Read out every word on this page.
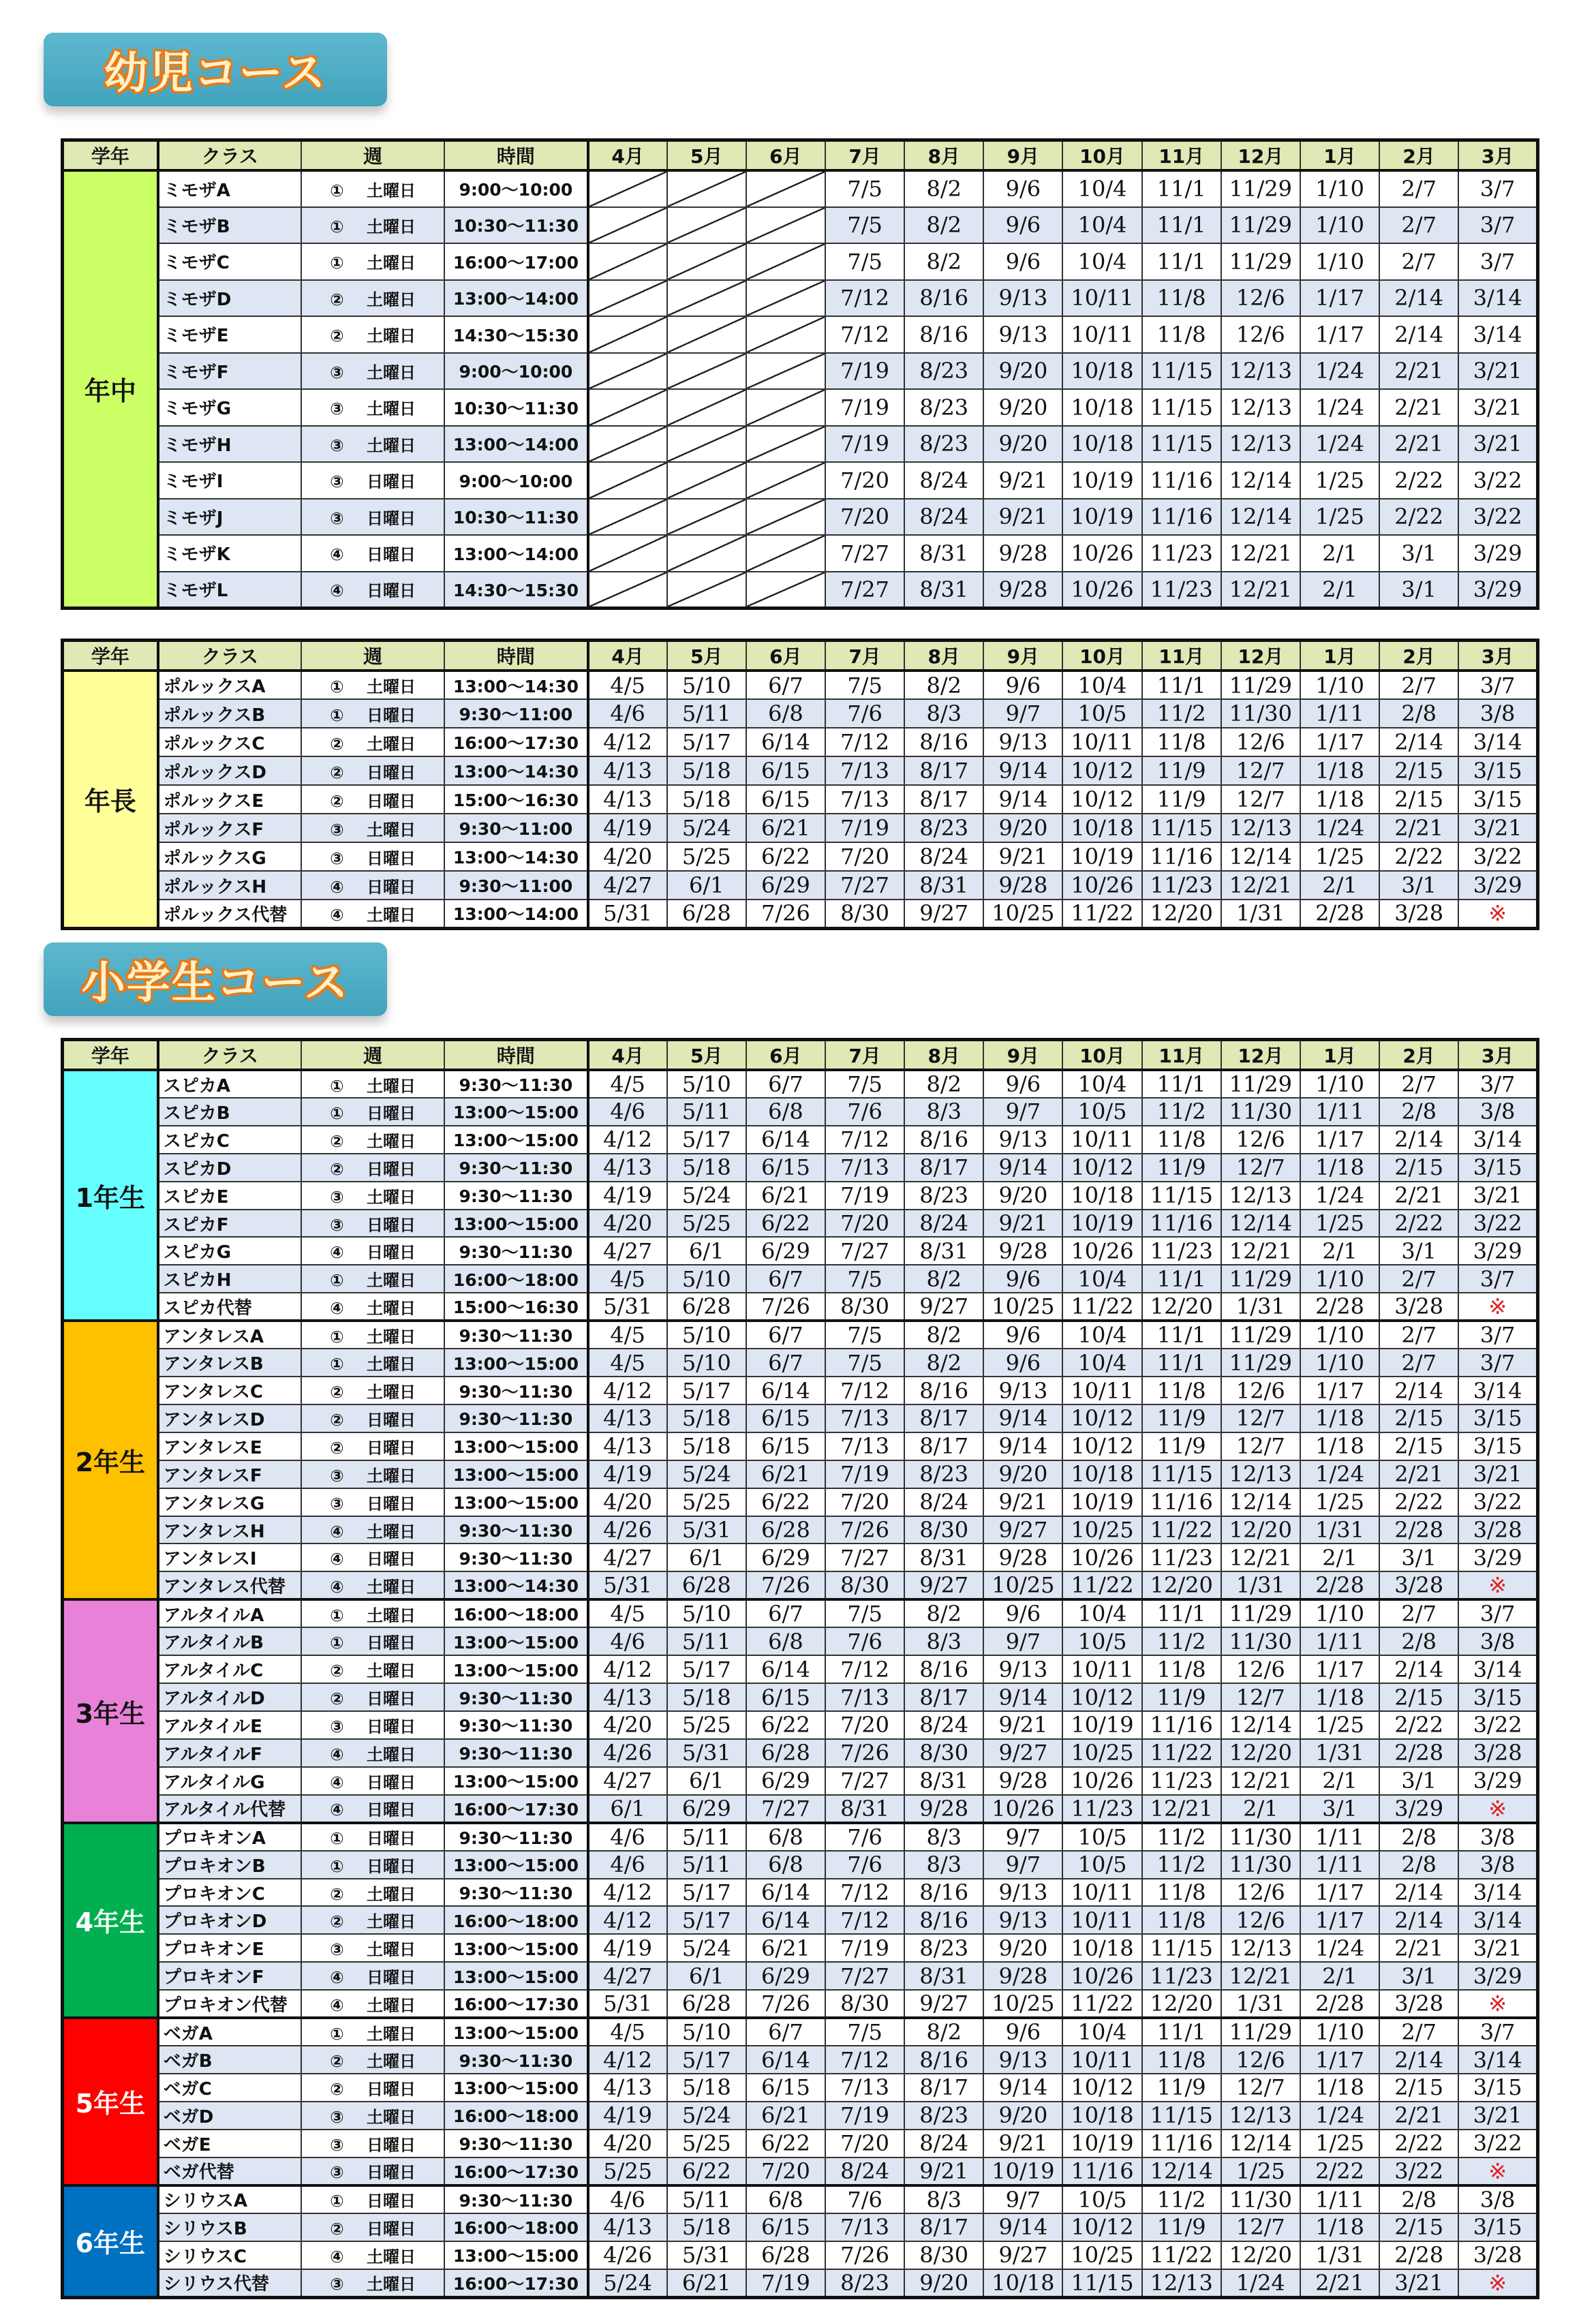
幼児コース
学年	クラス	週	時間	4月	5月	6月	7月	8月	9月	10月	11月	12月	1月	2月	3月
年中	ミモザA	① 土曜日	9:00〜10:00				7/5	8/2	9/6	10/4	11/1	11/29	1/10	2/7	3/7
	ミモザB	① 土曜日	10:30〜11:30				7/5	8/2	9/6	10/4	11/1	11/29	1/10	2/7	3/7
	ミモザC	① 土曜日	16:00〜17:00				7/5	8/2	9/6	10/4	11/1	11/29	1/10	2/7	3/7
	ミモザD	② 土曜日	13:00〜14:00				7/12	8/16	9/13	10/11	11/8	12/6	1/17	2/14	3/14
	ミモザE	② 土曜日	14:30〜15:30				7/12	8/16	9/13	10/11	11/8	12/6	1/17	2/14	3/14
	ミモザF	③ 土曜日	9:00〜10:00				7/19	8/23	9/20	10/18	11/15	12/13	1/24	2/21	3/21
	ミモザG	③ 土曜日	10:30〜11:30				7/19	8/23	9/20	10/18	11/15	12/13	1/24	2/21	3/21
	ミモザH	③ 土曜日	13:00〜14:00				7/19	8/23	9/20	10/18	11/15	12/13	1/24	2/21	3/21
	ミモザI	③ 日曜日	9:00〜10:00				7/20	8/24	9/21	10/19	11/16	12/14	1/25	2/22	3/22
	ミモザJ	③ 日曜日	10:30〜11:30				7/20	8/24	9/21	10/19	11/16	12/14	1/25	2/22	3/22
	ミモザK	④ 日曜日	13:00〜14:00				7/27	8/31	9/28	10/26	11/23	12/21	2/1	3/1	3/29
	ミモザL	④ 日曜日	14:30〜15:30				7/27	8/31	9/28	10/26	11/23	12/21	2/1	3/1	3/29
学年	クラス	週	時間	4月	5月	6月	7月	8月	9月	10月	11月	12月	1月	2月	3月
年長	ポルックスA	① 土曜日	13:00〜14:30	4/5	5/10	6/7	7/5	8/2	9/6	10/4	11/1	11/29	1/10	2/7	3/7
	ポルックスB	① 日曜日	9:30〜11:00	4/6	5/11	6/8	7/6	8/3	9/7	10/5	11/2	11/30	1/11	2/8	3/8
	ポルックスC	② 土曜日	16:00〜17:30	4/12	5/17	6/14	7/12	8/16	9/13	10/11	11/8	12/6	1/17	2/14	3/14
	ポルックスD	② 日曜日	13:00〜14:30	4/13	5/18	6/15	7/13	8/17	9/14	10/12	11/9	12/7	1/18	2/15	3/15
	ポルックスE	② 日曜日	15:00〜16:30	4/13	5/18	6/15	7/13	8/17	9/14	10/12	11/9	12/7	1/18	2/15	3/15
	ポルックスF	③ 土曜日	9:30〜11:00	4/19	5/24	6/21	7/19	8/23	9/20	10/18	11/15	12/13	1/24	2/21	3/21
	ポルックスG	③ 日曜日	13:00〜14:30	4/20	5/25	6/22	7/20	8/24	9/21	10/19	11/16	12/14	1/25	2/22	3/22
	ポルックスH	④ 日曜日	9:30〜11:00	4/27	6/1	6/29	7/27	8/31	9/28	10/26	11/23	12/21	2/1	3/1	3/29
	ポルックス代替	④ 土曜日	13:00〜14:00	5/31	6/28	7/26	8/30	9/27	10/25	11/22	12/20	1/31	2/28	3/28	※
小学生コース
学年	クラス	週	時間	4月	5月	6月	7月	8月	9月	10月	11月	12月	1月	2月	3月
1年生	スピカA	① 土曜日	9:30〜11:30	4/5	5/10	6/7	7/5	8/2	9/6	10/4	11/1	11/29	1/10	2/7	3/7
	スピカB	① 日曜日	13:00〜15:00	4/6	5/11	6/8	7/6	8/3	9/7	10/5	11/2	11/30	1/11	2/8	3/8
	スピカC	② 土曜日	13:00〜15:00	4/12	5/17	6/14	7/12	8/16	9/13	10/11	11/8	12/6	1/17	2/14	3/14
	スピカD	② 日曜日	9:30〜11:30	4/13	5/18	6/15	7/13	8/17	9/14	10/12	11/9	12/7	1/18	2/15	3/15
	スピカE	③ 土曜日	9:30〜11:30	4/19	5/24	6/21	7/19	8/23	9/20	10/18	11/15	12/13	1/24	2/21	3/21
	スピカF	③ 日曜日	13:00〜15:00	4/20	5/25	6/22	7/20	8/24	9/21	10/19	11/16	12/14	1/25	2/22	3/22
	スピカG	④ 日曜日	9:30〜11:30	4/27	6/1	6/29	7/27	8/31	9/28	10/26	11/23	12/21	2/1	3/1	3/29
	スピカH	① 土曜日	16:00〜18:00	4/5	5/10	6/7	7/5	8/2	9/6	10/4	11/1	11/29	1/10	2/7	3/7
	スピカ代替	④ 土曜日	15:00〜16:30	5/31	6/28	7/26	8/30	9/27	10/25	11/22	12/20	1/31	2/28	3/28	※
2年生	アンタレスA	① 土曜日	9:30〜11:30	4/5	5/10	6/7	7/5	8/2	9/6	10/4	11/1	11/29	1/10	2/7	3/7
	アンタレスB	① 土曜日	13:00〜15:00	4/5	5/10	6/7	7/5	8/2	9/6	10/4	11/1	11/29	1/10	2/7	3/7
	アンタレスC	② 土曜日	9:30〜11:30	4/12	5/17	6/14	7/12	8/16	9/13	10/11	11/8	12/6	1/17	2/14	3/14
	アンタレスD	② 日曜日	9:30〜11:30	4/13	5/18	6/15	7/13	8/17	9/14	10/12	11/9	12/7	1/18	2/15	3/15
	アンタレスE	② 日曜日	13:00〜15:00	4/13	5/18	6/15	7/13	8/17	9/14	10/12	11/9	12/7	1/18	2/15	3/15
	アンタレスF	③ 土曜日	13:00〜15:00	4/19	5/24	6/21	7/19	8/23	9/20	10/18	11/15	12/13	1/24	2/21	3/21
	アンタレスG	③ 日曜日	13:00〜15:00	4/20	5/25	6/22	7/20	8/24	9/21	10/19	11/16	12/14	1/25	2/22	3/22
	アンタレスH	④ 土曜日	9:30〜11:30	4/26	5/31	6/28	7/26	8/30	9/27	10/25	11/22	12/20	1/31	2/28	3/28
	アンタレスI	④ 日曜日	9:30〜11:30	4/27	6/1	6/29	7/27	8/31	9/28	10/26	11/23	12/21	2/1	3/1	3/29
	アンタレス代替	④ 土曜日	13:00〜14:30	5/31	6/28	7/26	8/30	9/27	10/25	11/22	12/20	1/31	2/28	3/28	※
3年生	アルタイルA	① 土曜日	16:00〜18:00	4/5	5/10	6/7	7/5	8/2	9/6	10/4	11/1	11/29	1/10	2/7	3/7
	アルタイルB	① 日曜日	13:00〜15:00	4/6	5/11	6/8	7/6	8/3	9/7	10/5	11/2	11/30	1/11	2/8	3/8
	アルタイルC	② 土曜日	13:00〜15:00	4/12	5/17	6/14	7/12	8/16	9/13	10/11	11/8	12/6	1/17	2/14	3/14
	アルタイルD	② 日曜日	9:30〜11:30	4/13	5/18	6/15	7/13	8/17	9/14	10/12	11/9	12/7	1/18	2/15	3/15
	アルタイルE	③ 日曜日	9:30〜11:30	4/20	5/25	6/22	7/20	8/24	9/21	10/19	11/16	12/14	1/25	2/22	3/22
	アルタイルF	④ 土曜日	9:30〜11:30	4/26	5/31	6/28	7/26	8/30	9/27	10/25	11/22	12/20	1/31	2/28	3/28
	アルタイルG	④ 日曜日	13:00〜15:00	4/27	6/1	6/29	7/27	8/31	9/28	10/26	11/23	12/21	2/1	3/1	3/29
	アルタイル代替	④ 日曜日	16:00〜17:30	6/1	6/29	7/27	8/31	9/28	10/26	11/23	12/21	2/1	3/1	3/29	※
4年生	プロキオンA	① 日曜日	9:30〜11:30	4/6	5/11	6/8	7/6	8/3	9/7	10/5	11/2	11/30	1/11	2/8	3/8
	プロキオンB	① 日曜日	13:00〜15:00	4/6	5/11	6/8	7/6	8/3	9/7	10/5	11/2	11/30	1/11	2/8	3/8
	プロキオンC	② 土曜日	9:30〜11:30	4/12	5/17	6/14	7/12	8/16	9/13	10/11	11/8	12/6	1/17	2/14	3/14
	プロキオンD	② 土曜日	16:00〜18:00	4/12	5/17	6/14	7/12	8/16	9/13	10/11	11/8	12/6	1/17	2/14	3/14
	プロキオンE	③ 土曜日	13:00〜15:00	4/19	5/24	6/21	7/19	8/23	9/20	10/18	11/15	12/13	1/24	2/21	3/21
	プロキオンF	④ 日曜日	13:00〜15:00	4/27	6/1	6/29	7/27	8/31	9/28	10/26	11/23	12/21	2/1	3/1	3/29
	プロキオン代替	④ 土曜日	16:00〜17:30	5/31	6/28	7/26	8/30	9/27	10/25	11/22	12/20	1/31	2/28	3/28	※
5年生	ベガA	① 土曜日	13:00〜15:00	4/5	5/10	6/7	7/5	8/2	9/6	10/4	11/1	11/29	1/10	2/7	3/7
	ベガB	② 土曜日	9:30〜11:30	4/12	5/17	6/14	7/12	8/16	9/13	10/11	11/8	12/6	1/17	2/14	3/14
	ベガC	② 日曜日	13:00〜15:00	4/13	5/18	6/15	7/13	8/17	9/14	10/12	11/9	12/7	1/18	2/15	3/15
	ベガD	③ 土曜日	16:00〜18:00	4/19	5/24	6/21	7/19	8/23	9/20	10/18	11/15	12/13	1/24	2/21	3/21
	ベガE	③ 日曜日	9:30〜11:30	4/20	5/25	6/22	7/20	8/24	9/21	10/19	11/16	12/14	1/25	2/22	3/22
	ベガ代替	③ 日曜日	16:00〜17:30	5/25	6/22	7/20	8/24	9/21	10/19	11/16	12/14	1/25	2/22	3/22	※
6年生	シリウスA	① 日曜日	9:30〜11:30	4/6	5/11	6/8	7/6	8/3	9/7	10/5	11/2	11/30	1/11	2/8	3/8
	シリウスB	② 日曜日	16:00〜18:00	4/13	5/18	6/15	7/13	8/17	9/14	10/12	11/9	12/7	1/18	2/15	3/15
	シリウスC	④ 土曜日	13:00〜15:00	4/26	5/31	6/28	7/26	8/30	9/27	10/25	11/22	12/20	1/31	2/28	3/28
	シリウス代替	③ 土曜日	16:00〜17:30	5/24	6/21	7/19	8/23	9/20	10/18	11/15	12/13	1/24	2/21	3/21	※
